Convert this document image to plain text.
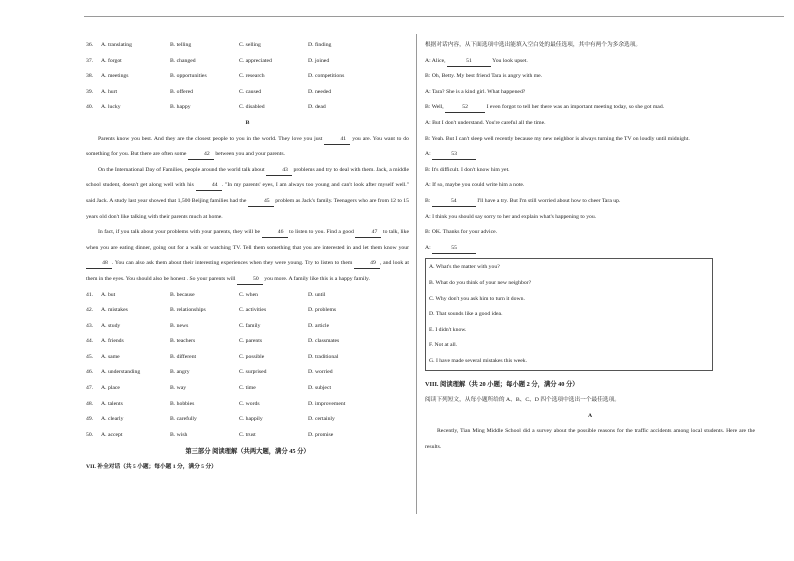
36. A. translating	B. telling	C. selling	D. finding
37. A. forgot	B. changed	C. appreciated	D. joined
38. A. meetings	B. opportunities	C. research	D. competitions
39. A. hurt	B. offered	C. caused	D. needed
40. A. lucky	B. happy	C. disabled	D. dead
B
Parents know you best. And they are the closest people to you in the world. They love you just	41 you are. You want to do something for you. But there are often some	42 between you and your parents.
On the International Day of Families, people around the world talk about	43 problems and try to deal with them. Jack, a middle school student, doesn't get along well with his	44 . "In my parents' eyes, I am always too young and can't look after myself well." said Jack. A study last year showed that 1,500 Beijing families had the	45 problem as Jack's family. Teenagers who are from 12 to 15 years old don't like talking with their parents much at home.
In fact, if you talk about your problems with your parents, they will be	46 to listen to you. Find a good	47 to talk, like when you are eating dinner, going out for a walk or watching TV. Tell them something that you are interested in and let them know your 48 . You can also ask them about their interesting experiences when they were young. Try to listen to them	49 , and look at them in the eyes. You should also be honest . So your parents will	50 you more. A family like this is a happy family.
41. A. but	B. because	C. when	D. until
42. A. mistakes	B. relationships	C. activities	D. problems
43. A. study	B. news	C. family	D. article
44. A. friends	B. teachers	C. parents	D. classmates
45. A. same	B. different	C. possible	D. traditional
46. A. understanding	B. angry	C. surprised	D. worried
47. A. place	B. way	C. time	D. subject
48. A. talents	B. hobbies	C. words	D. improvement
49. A. clearly	B. carefully	C. happily	D. certainly
50. A. accept	B. wish	C. trust	D. promise
第三部分 阅读理解（共两大题，满分 45 分）
VII. 补全对话（共 5 小题；每小题 1 分，满分 5 分）
根据对话内容，从下面选项中选出能填入空白处的最佳选项，其中有两个为多余选项。
A: Alice,	51	You look upset.
B: Oh, Betty. My best friend Tara is angry with me.
A: Tara? She is a kind girl. What happened?
B: Well,	52	I even forgot to tell her there was an important meeting today, so she got mad.
A: But I don't understand. You're careful all the time.
B: Yeah. But I can't sleep well recently because my new neighbor is always turning the TV on loudly until midnight.
A:	53
B: It's difficult. I don't know him yet.
A: If so, maybe you could write him a note.
B:	54	I'll have a try. But I'm still worried about how to cheer Tara up.
A: I think you should say sorry to her and explain what's happening to you.
B: OK. Thanks for your advice.
A:	55
A. What's the matter with you?
B. What do you think of your new neighbor?
C. Why don't you ask him to turn it down.
D. That sounds like a good idea.
E. I didn't know.
F. Not at all.
G. I have made several mistakes this week.
VIII. 阅读理解（共 20 小题；每小题 2 分，满分 40 分）
阅读下列短文，从每小题所给的 A、B、C、D 四个选项中选出一个最佳选项。
A
Recently, Tian Ming Middle School did a survey about the possible reasons for the traffic accidents among local students. Here are the results.
